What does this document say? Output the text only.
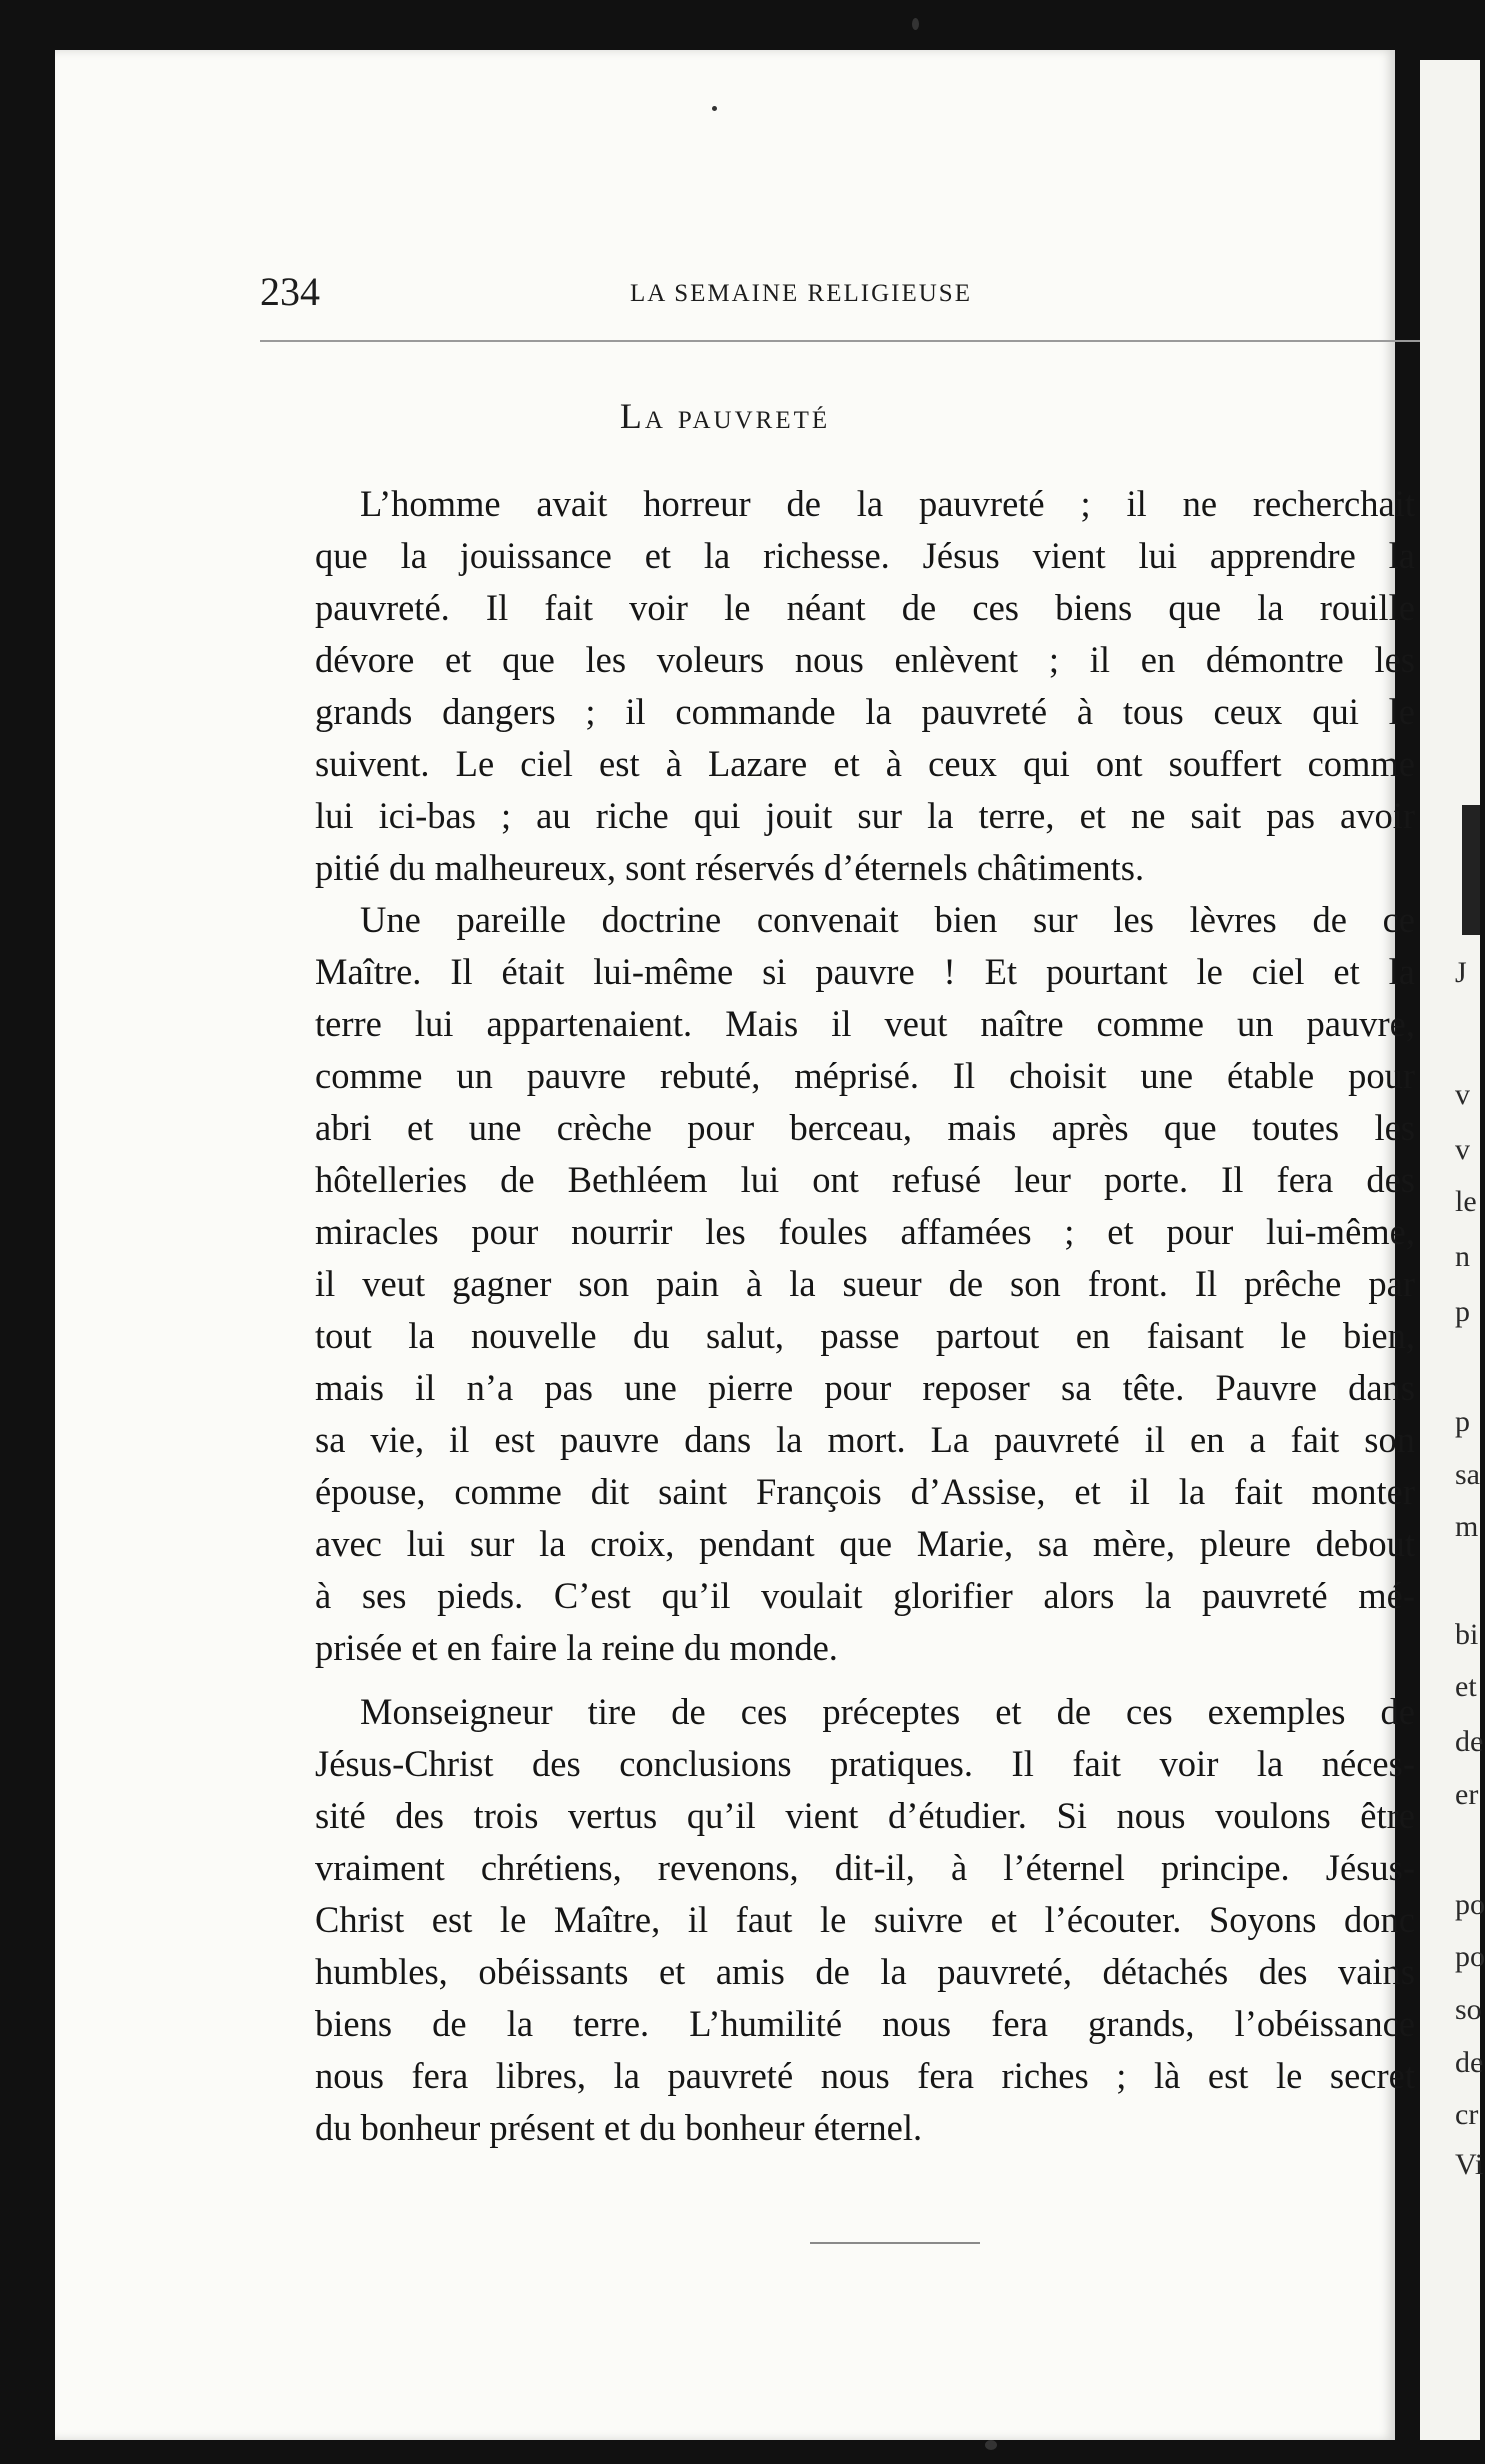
234	LA SEMAINE RELIGIEUSE
La pauvreté
L’homme avait horreur de la pauvreté ; il ne recherchait
que la jouissance et la richesse. Jésus vient lui apprendre la
pauvreté. Il fait voir le néant de ces biens que la rouille
dévore et que les voleurs nous enlèvent ; il en démontre les
grands dangers ; il commande la pauvreté à tous ceux qui le
suivent. Le ciel est à Lazare et à ceux qui ont souffert comme
lui ici-bas ; au riche qui jouit sur la terre, et ne sait pas avoir
pitié du malheureux, sont réservés d’éternels châtiments.
Une pareille doctrine convenait bien sur les lèvres de ce
Maître. Il était lui-même si pauvre ! Et pourtant le ciel et la
terre lui appartenaient. Mais il veut naître comme un pauvre,
comme un pauvre rebuté, méprisé. Il choisit une étable pour
abri et une crèche pour berceau, mais après que toutes les
hôtelleries de Bethléem lui ont refusé leur porte. Il fera des
miracles pour nourrir les foules affamées ; et pour lui-même,
il veut gagner son pain à la sueur de son front. Il prêche par
tout la nouvelle du salut, passe partout en faisant le bien,
mais il n’a pas une pierre pour reposer sa tête. Pauvre dans
sa vie, il est pauvre dans la mort. La pauvreté il en a fait son
épouse, comme dit saint François d’Assise, et il la fait monter
avec lui sur la croix, pendant que Marie, sa mère, pleure debout
à ses pieds. C’est qu’il voulait glorifier alors la pauvreté mé-
prisée et en faire la reine du monde.
Monseigneur tire de ces préceptes et de ces exemples de
Jésus-Christ des conclusions pratiques. Il fait voir la néces-
sité des trois vertus qu’il vient d’étudier. Si nous voulons être
vraiment chrétiens, revenons, dit-il, à l’éternel principe. Jésus-
Christ est le Maître, il faut le suivre et l’écouter. Soyons donc
humbles, obéissants et amis de la pauvreté, détachés des vains
biens de la terre. L’humilité nous fera grands, l’obéissance
nous fera libres, la pauvreté nous fera riches ; là est le secret
du bonheur présent et du bonheur éternel.
J
v
v
le
n
p
p
sa
m
bi
et
de
er
po
po
so
de
cr
Vi
